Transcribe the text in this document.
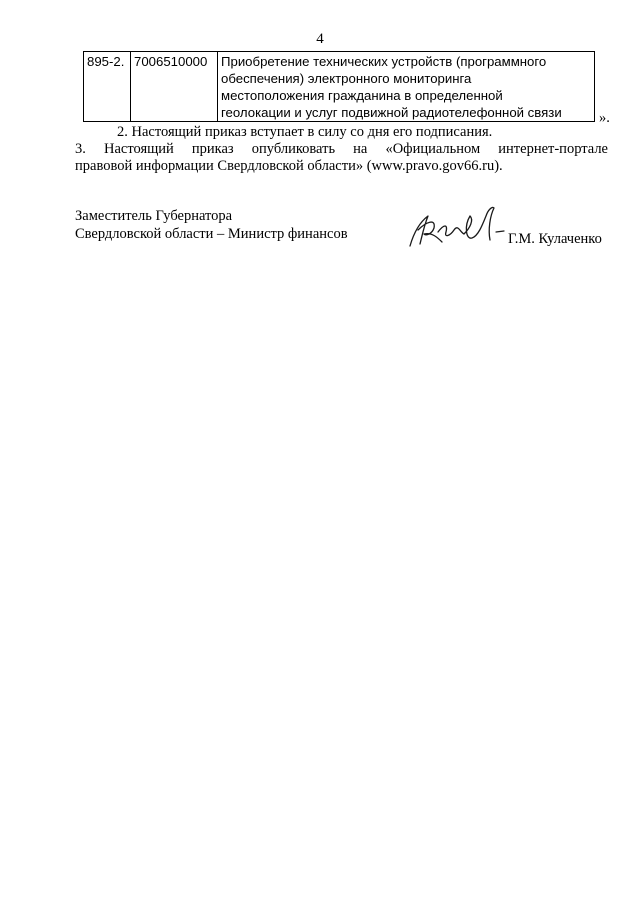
4
895-2.	7006510000	Приобретение технических устройств (программного
обеспечения) электронного мониторинга
местоположения гражданина в определенной
геолокации и услуг подвижной радиотелефонной связи	».
2. Настоящий приказ вступает в силу со дня его подписания.
3. Настоящий приказ опубликовать на «Официальном интернет-портале
правовой информации Свердловской области» (www.pravo.gov66.ru).
Заместитель Губернатора
Свердловской области – Министр финансов	Г.М. Кулаченко
